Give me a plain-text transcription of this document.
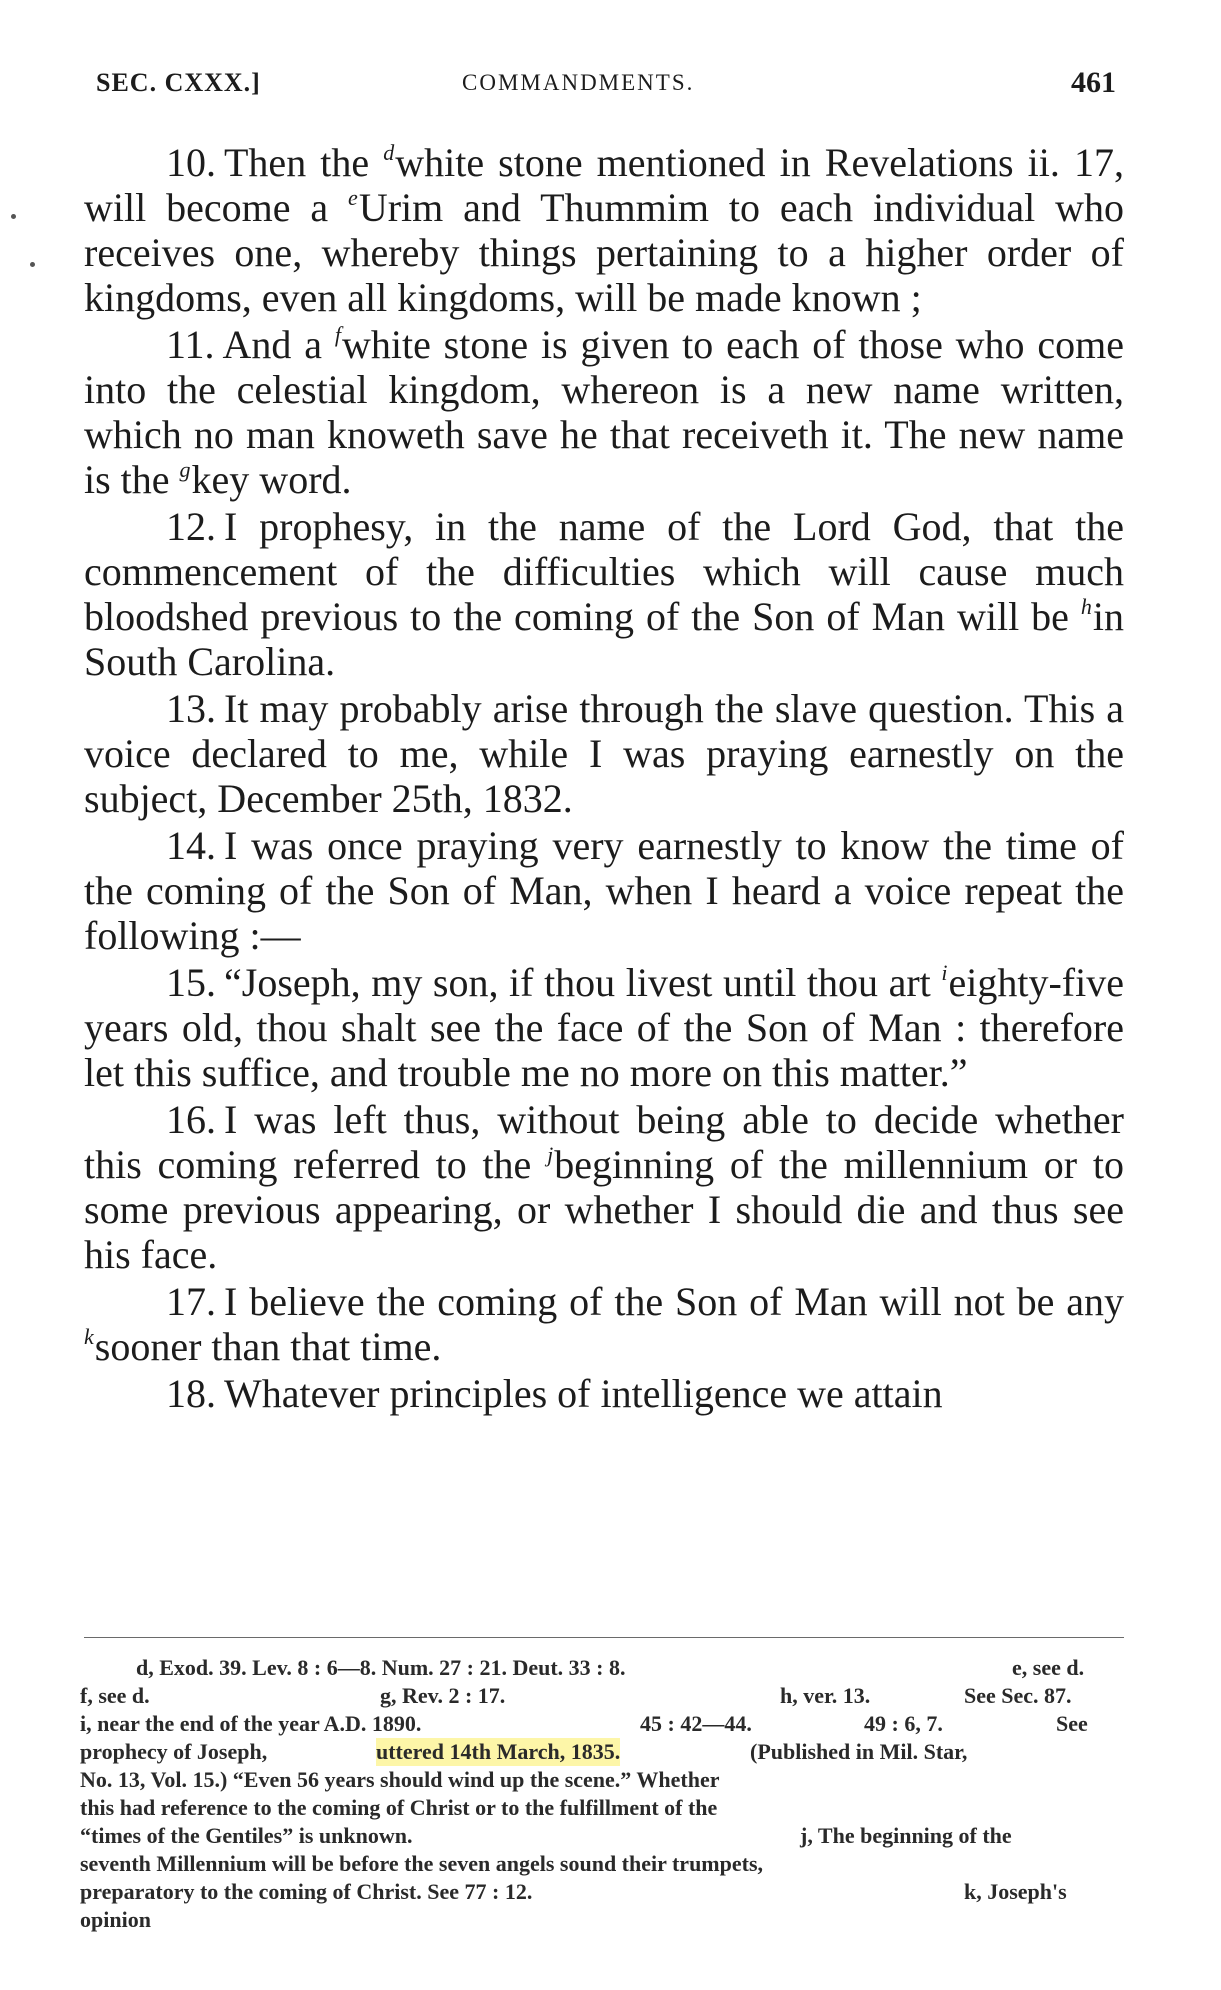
SEC. CXXX.]	COMMANDMENTS.	461

10. Then the $^d$white stone mentioned in Revelations ii. 17, will become a $^e$Urim and Thummim to each individual who receives one, whereby things pertaining to a higher order of kingdoms, even all kingdoms, will be made known ;

11. And a $^f$white stone is given to each of those who come into the celestial kingdom, whereon is a new name written, which no man knoweth save he that receiveth it. The new name is the $^g$key word.

12. I prophesy, in the name of the Lord God, that the commencement of the difficulties which will cause much bloodshed previous to the coming of the Son of Man will be $^h$in South Carolina.

13. It may probably arise through the slave question. This a voice declared to me, while I was praying earnestly on the subject, December 25th, 1832.

14. I was once praying very earnestly to know the time of the coming of the Son of Man, when I heard a voice repeat the following :—

15. “Joseph, my son, if thou livest until thou art $^i$eighty-five years old, thou shalt see the face of the Son of Man : therefore let this suffice, and trouble me no more on this matter.”

16. I was left thus, without being able to decide whether this coming referred to the $^j$beginning of the millennium or to some previous appearing, or whether I should die and thus see his face.

17. I believe the coming of the Son of Man will not be any $^k$sooner than that time.

18. Whatever principles of intelligence we attain

d, Exod. 39. Lev. 8 : 6—8. Num. 27 : 21. Deut. 33 : 8.	e, see d.
f, see d.	g, Rev. 2 : 17.	h, ver. 13.	See Sec. 87.
i, near the end of the year A.D. 1890.	45 : 42—44.	49 : 6, 7.	See
prophecy of Joseph,	uttered 14th March, 1835.	(Published in Mil. Star,
No. 13, Vol. 15.) “Even 56 years should wind up the scene.” Whether
this had reference to the coming of Christ or to the fulfillment of the
“times of the Gentiles” is unknown.	j, The beginning of the
seventh Millennium will be before the seven angels sound their trumpets,
preparatory to the coming of Christ. See 77 : 12.	k, Joseph's
opinion
